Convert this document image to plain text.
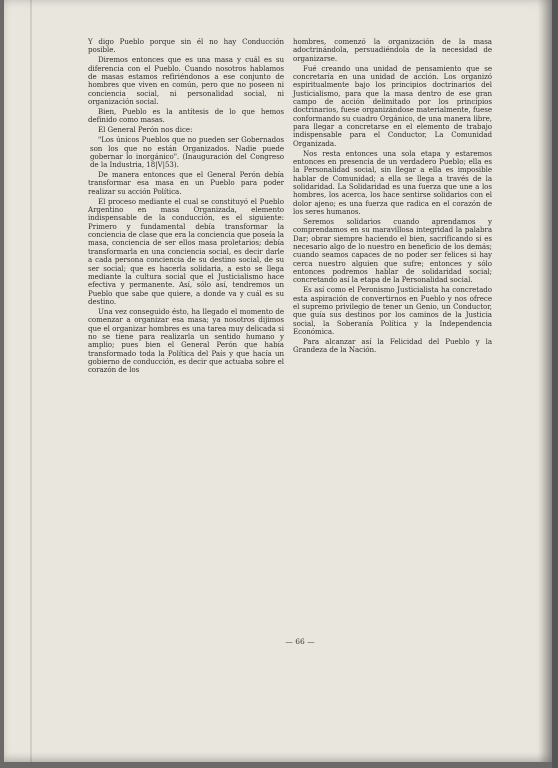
Y digo Pueblo porque sin él no hay Conducción posible.

Diremos entonces que es una masa y cuál es su diferencia con el Pueblo. Cuando nosotros hablamos de masas estamos refiriéndonos a ese conjunto de hombres que viven en común, pero que no poseen ni conciencia social, ni personalidad social, ni organización social.

Bien, Pueblo es la antítesis de lo que hemos definido como masas.

El General Perón nos dice:

"Los únicos Pueblos que no pueden ser Gobernados son los que no están Organizados. Nadie puede gobernar lo inorgánico". (Inauguración del Congreso de la Industria, 18|V|53).

De manera entonces que el General Perón debía transformar esa masa en un Pueblo para poder realizar su acción Política.

El proceso mediante el cual se constituyó el Pueblo Argentino en masa Organizada, elemento indispensable de la conducción, es el siguiente: Primero y fundamental debía transformar la conciencia de clase que era la conciencia que poseía la masa, conciencia de ser ellos masa proletarios; debía transformarla en una conciencia social, es decir darle a cada persona conciencia de su destino social, de su ser social; que es hacerla solidaria, a esto se llega mediante la cultura social que el Justicialismo hace efectiva y permanente. Así, sólo así, tendremos un Pueblo que sabe que quiere, a donde va y cuál es su destino.

Una vez conseguido ésto, ha llegado el momento de comenzar a organizar esa masa; ya nosotros dijimos que el organizar hombres es una tarea muy delicada si no se tiene para realizarla un sentido humano y amplio; pues bien el General Perón que había transformado toda la Política del País y que hacía un gobierno de conducción, es decir que actuaba sobre el corazón de los

hombres, comenzó la organización de la masa adoctrinándola, persuadiéndola de la necesidad de organizarse.

Fué creando una unidad de pensamiento que se concretaría en una unidad de acción. Los organizó espiritualmente bajo los principios doctrinarios del Justicialismo, para que la masa dentro de ese gran campo de acción delimitado por los principios doctrinarios, fuese organizándose materialmente, fuese conformando su cuadro Orgánico, de una manera libre, para llegar a concretarse en el elemento de trabajo indispensable para el Conductor, La Comunidad Organizada.

Nos resta entonces una sola etapa y estaremos entonces en presencia de un verdadero Pueblo; ella es la Personalidad social, sin llegar a ella es imposible hablar de Comunidad; a ella se llega a través de la solidaridad. La Solidaridad es una fuerza que une a los hombres, los acerca, los hace sentirse solidarios con el dolor ajeno; es una fuerza que radica en el corazón de los seres humanos.

Seremos solidarios cuando aprendamos y comprendamos en su maravillosa integridad la palabra Dar; obrar siempre haciendo el bien, sacrificando si es necesario algo de lo nuestro en beneficio de los demás; cuando seamos capaces de no poder ser felices si hay cerca nuestro alguien que sufre; entonces y sólo entonces podremos hablar de solidaridad social; concretando así la etapa de la Personalidad social.

Es así como el Peronismo Justicialista ha concretado esta aspiración de convertirnos en Pueblo y nos ofrece el supremo privilegio de tener un Genio, un Conductor, que guía sus destinos por los caminos de la Justicia social, la Soberanía Política y la Independencia Económica.

Para alcanzar así la Felicidad del Pueblo y la Grandeza de la Nación.

— 66 —
